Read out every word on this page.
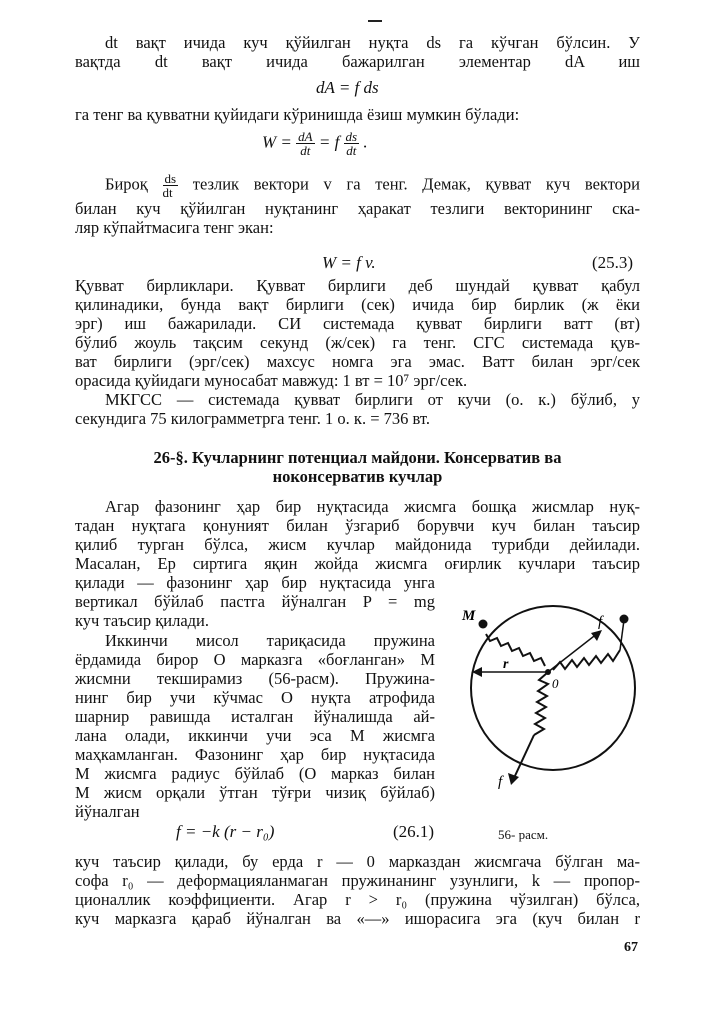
dt вақт ичида куч қўйилган нуқта ds га кўчган бўлсин. У
вақтда dt вақт ичида бажарилган элементар dA иш
dA = f ds
га тенг ва қувватни қуйидаги кўринишда ёзиш мумкин бўлади:
$W = \frac{dA}{dt} = f \frac{ds}{dt}$ .
Бироқ $\frac{ds}{dt}$ тезлик вектори v га тенг. Демак, қувват куч вектори
билан куч қўйилган нуқтанинг ҳаракат тезлиги векторининг ска-
ляр кўпайтмасига тенг экан:
W = f v.	(25.3)
Қувват бирликлари. Қувват бирлиги деб шундай қувват қабул
қилинадики, бунда вақт бирлиги (сек) ичида бир бирлик (ж ёки
эрг) иш бажарилади. СИ системада қувват бирлиги ватт (вт)
бўлиб жоуль тақсим секунд (ж/сек) га тенг. СГС системада қув-
ват бирлиги (эрг/сек) махсус номга эга эмас. Ватт билан эрг/сек
орасида қуйидаги муносабат мавжуд: 1 вт = 10⁷ эрг/сек.
МКГСС — системада қувват бирлиги от кучи (о. к.) бўлиб, у
секундига 75 килограмметрга тенг. 1 о. к. = 736 вт.
26-§. Кучларнинг потенциал майдони. Консерватив ва
ноконсерватив кучлар
Агар фазонинг ҳар бир нуқтасида жисмга бошқа жисмлар нуқ-
тадан нуқтага қонуният билан ўзгариб борувчи куч билан таъсир
қилиб турган бўлса, жисм кучлар майдонида турибди дейилади.
Масалан, Ер сиртига яқин жойда жисмга оғирлик кучлари таъсир
қилади — фазонинг ҳар бир нуқтасида унга
вертикал бўйлаб пастга йўналган P = mg
куч таъсир қилади.
Иккинчи мисол тариқасида пружина
ёрдамида бирор O марказга «боғланган» M
жисмни текширамиз (56-расм). Пружина-
нинг бир учи кўчмас O нуқта атрофида
шарнир равишда исталган йўналишда ай-
лана олади, иккинчи учи эса M жисмга
маҳкамланган. Фазонинг ҳар бир нуқтасида
M жисмга радиус бўйлаб (O марказ билан
M жисм орқали ўтган тўғри чизиқ бўйлаб)
йўналган
M	f
f
r
0
56- расм.
f = −k (r − r₀)	(26.1)
куч таъсир қилади, бу ерда r — 0 марказдан жисмгача бўлган ма-
софа r₀ — деформацияланмаган пружинанинг узунлиги, k — пропор-
ционаллик коэффициенти. Агар r > r₀ (пружина чўзилган) бўлса,
куч марказга қараб йўналган ва «—» ишорасига эга (куч билан r
67
